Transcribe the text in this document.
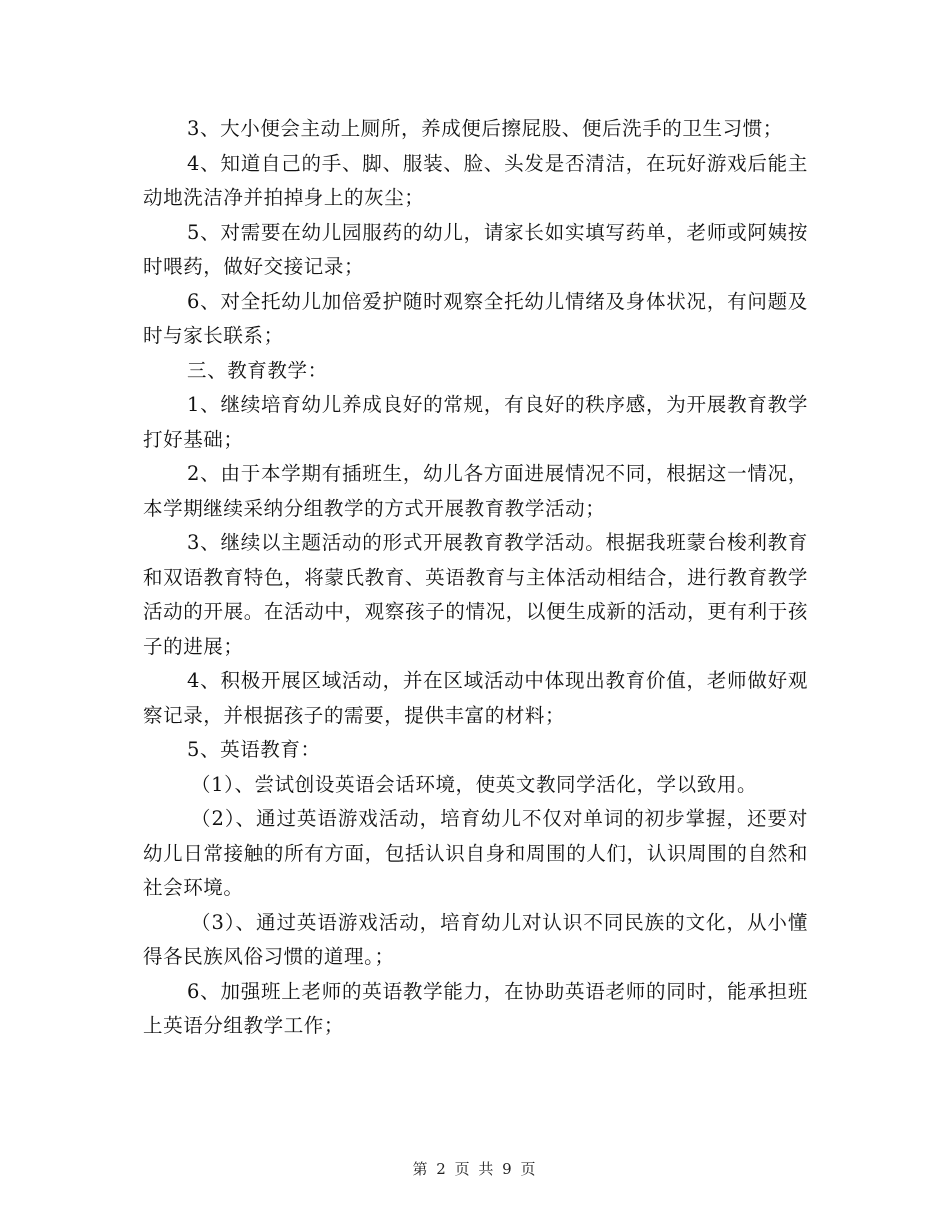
3、大小便会主动上厕所，养成便后擦屁股、便后洗手的卫生习惯；

4、知道自己的手、脚、服装、脸、头发是否清洁，在玩好游戏后能主动地洗洁净并拍掉身上的灰尘；

5、对需要在幼儿园服药的幼儿，请家长如实填写药单，老师或阿姨按时喂药，做好交接记录；

6、对全托幼儿加倍爱护随时观察全托幼儿情绪及身体状况，有问题及时与家长联系；

三、教育教学：

1、继续培育幼儿养成良好的常规，有良好的秩序感，为开展教育教学打好基础；

2、由于本学期有插班生，幼儿各方面进展情况不同，根据这一情况，本学期继续采纳分组教学的方式开展教育教学活动；

3、继续以主题活动的形式开展教育教学活动。根据我班蒙台梭利教育和双语教育特色，将蒙氏教育、英语教育与主体活动相结合，进行教育教学活动的开展。在活动中，观察孩子的情况，以便生成新的活动，更有利于孩子的进展；

4、积极开展区域活动，并在区域活动中体现出教育价值，老师做好观察记录，并根据孩子的需要，提供丰富的材料；

5、英语教育：

（1）、尝试创设英语会话环境，使英文教同学活化，学以致用。

（2）、通过英语游戏活动，培育幼儿不仅对单词的初步掌握，还要对幼儿日常接触的所有方面，包括认识自身和周围的人们，认识周围的自然和社会环境。

（3）、通过英语游戏活动，培育幼儿对认识不同民族的文化，从小懂得各民族风俗习惯的道理。；

6、加强班上老师的英语教学能力，在协助英语老师的同时，能承担班上英语分组教学工作；

第 2 页 共 9 页
